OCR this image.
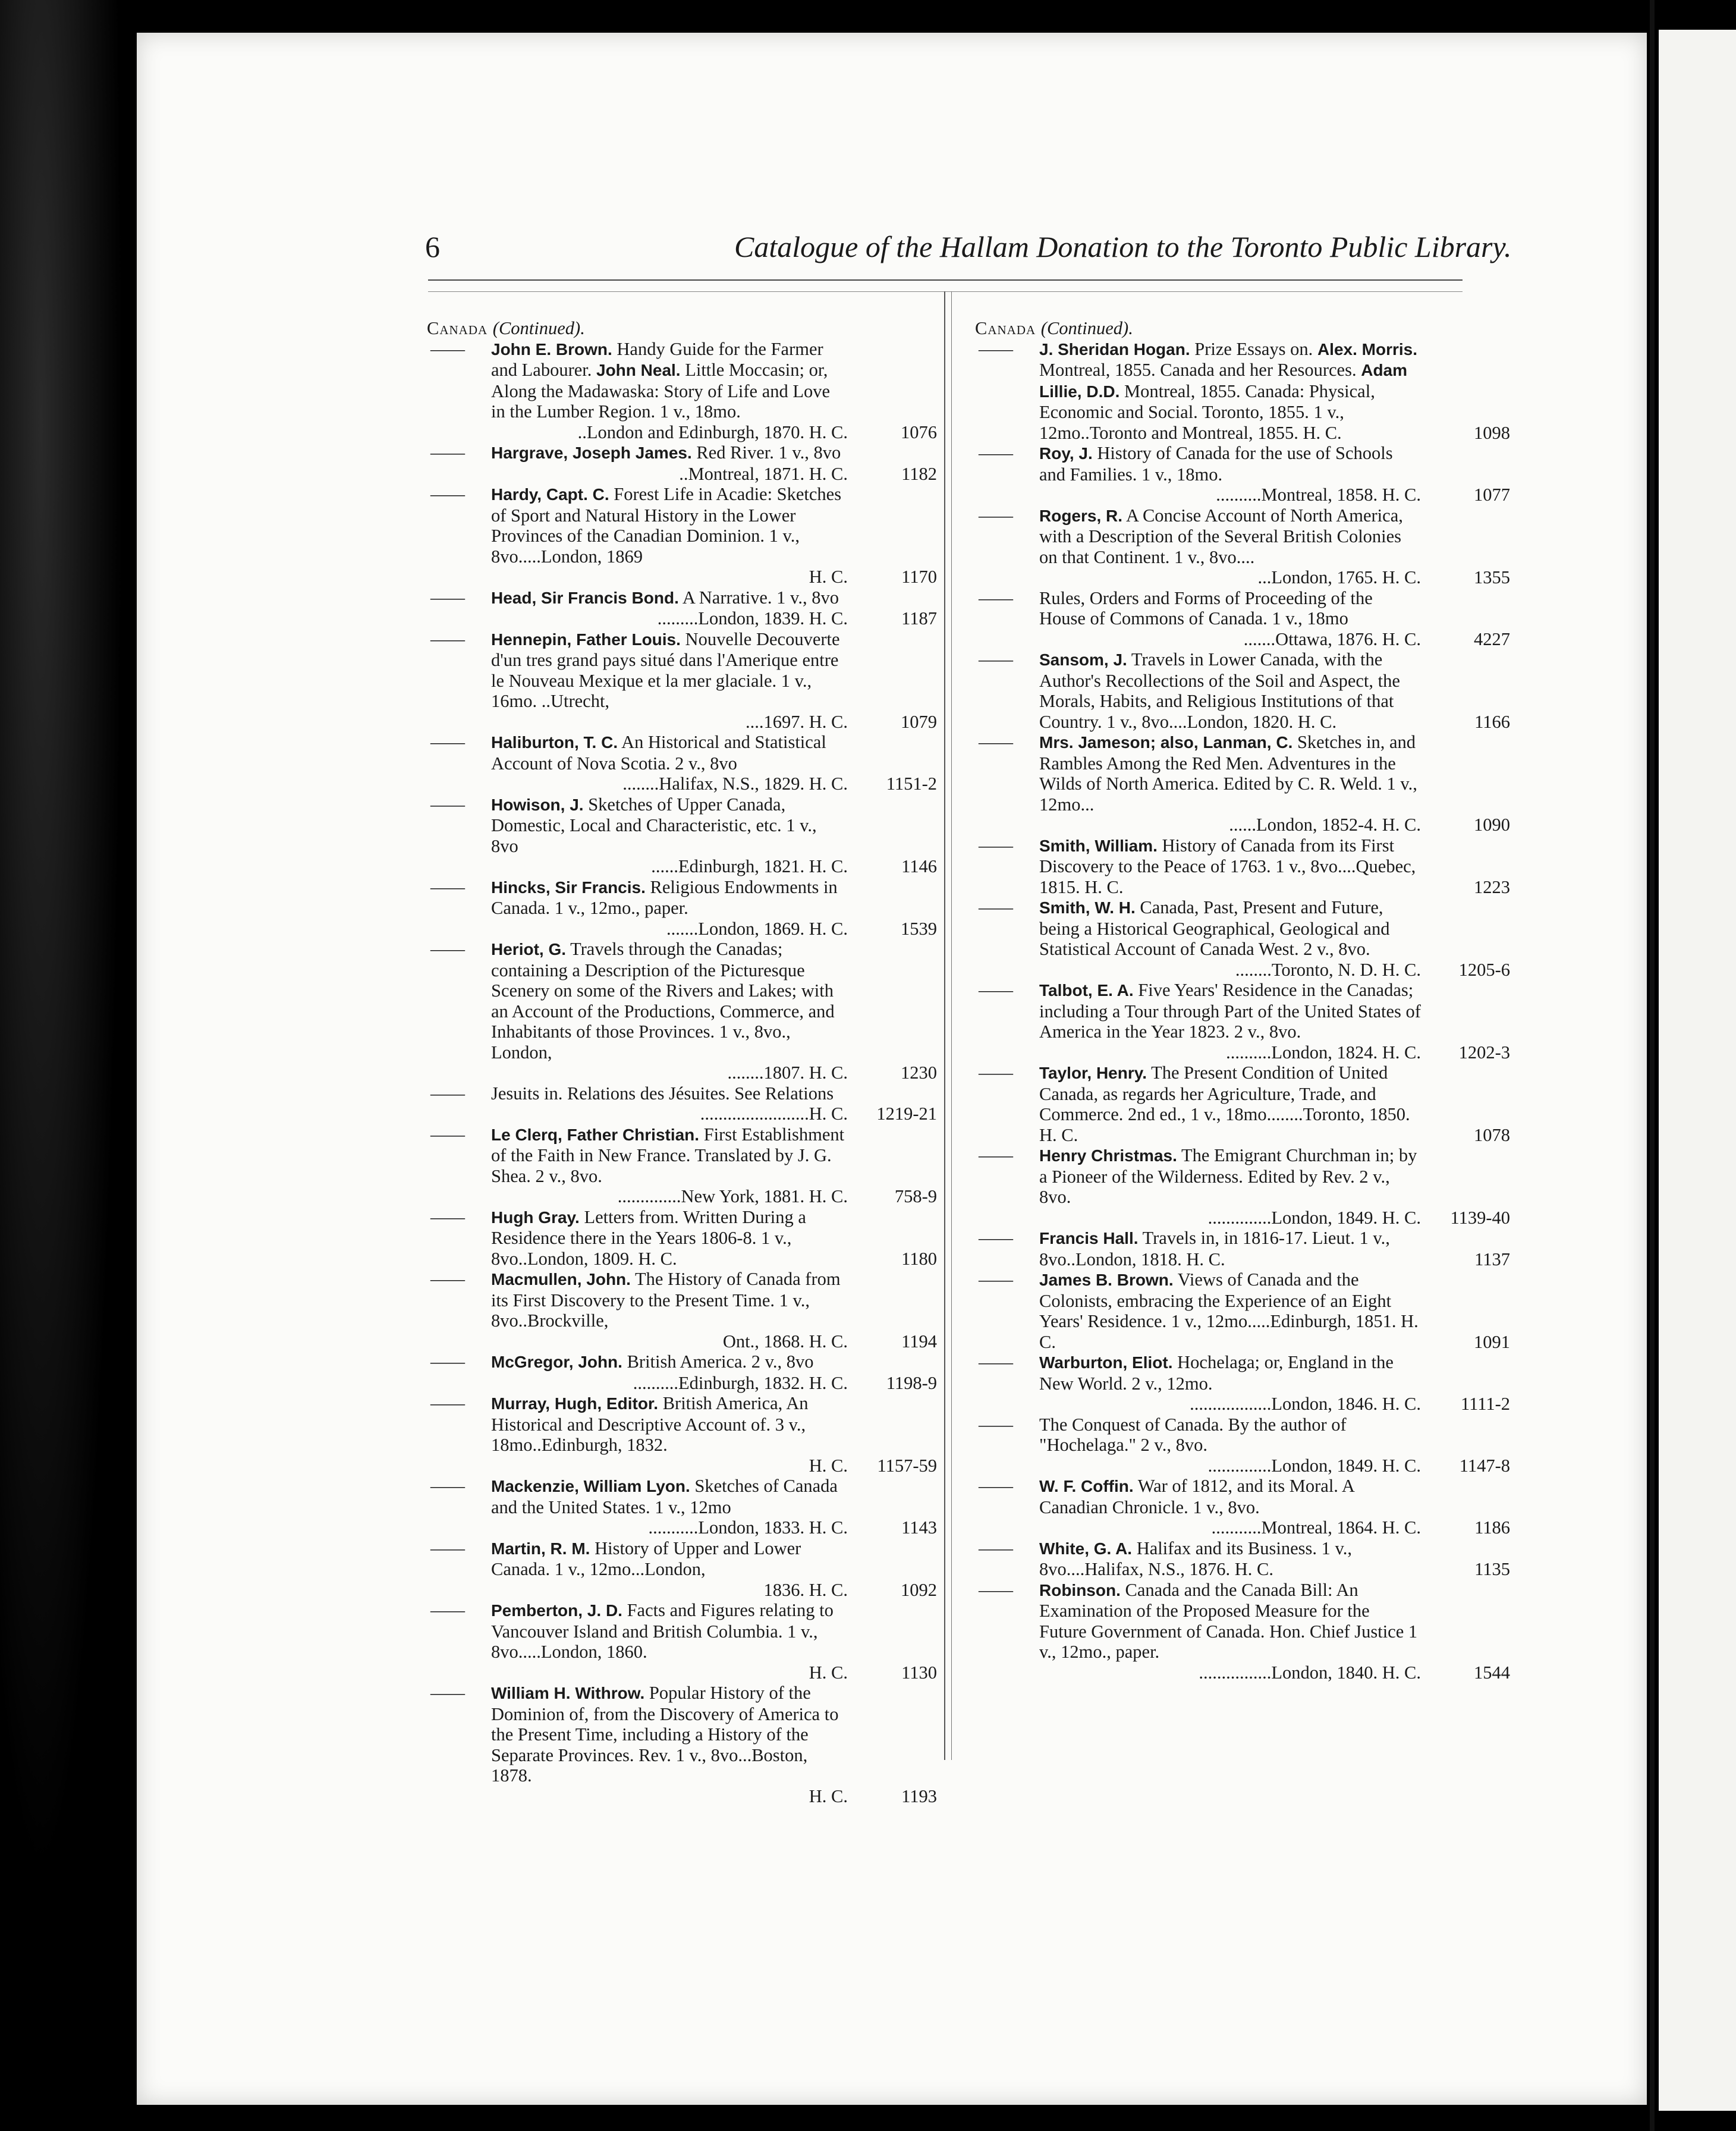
6	Catalogue of the Hallam Donation to the Toronto Public Library.
Canada (Continued).
——
John E. Brown. Handy Guide for the Farmer and Labourer. John Neal. Little Moccasin; or, Along the Madawaska: Story of Life and Love in the Lumber Region. 1 v., 18mo.
..London and Edinburgh, 1870. H. C.	1076
——
Hargrave, Joseph James. Red River. 1 v., 8vo
..Montreal, 1871. H. C.	1182
——
Hardy, Capt. C. Forest Life in Acadie: Sketches of Sport and Natural History in the Lower Provinces of the Canadian Dominion. 1 v., 8vo.....London, 1869
H. C.	1170
——
Head, Sir Francis Bond. A Narrative. 1 v., 8vo
.........London, 1839. H. C.	1187
——
Hennepin, Father Louis. Nouvelle Decouverte d'un tres grand pays situé dans l'Amerique entre le Nouveau Mexique et la mer glaciale. 1 v., 16mo. ..Utrecht,
....1697. H. C.	1079
——
Haliburton, T. C. An Historical and Statistical Account of Nova Scotia. 2 v., 8vo
........Halifax, N.S., 1829. H. C.	1151-2
——
Howison, J. Sketches of Upper Canada, Domestic, Local and Characteristic, etc. 1 v., 8vo
......Edinburgh, 1821. H. C.	1146
——
Hincks, Sir Francis. Religious Endowments in Canada. 1 v., 12mo., paper.
.......London, 1869. H. C.	1539
——
Heriot, G. Travels through the Canadas; containing a Description of the Picturesque Scenery on some of the Rivers and Lakes; with an Account of the Productions, Commerce, and Inhabitants of those Provinces. 1 v., 8vo., London,
........1807. H. C.	1230
——
Jesuits in. Relations des Jésuites. See Relations
........................H. C.	1219-21
——
Le Clerq, Father Christian. First Establishment of the Faith in New France. Translated by J. G. Shea. 2 v., 8vo.
..............New York, 1881. H. C.	758-9
——
Hugh Gray. Letters from. Written During a Residence there in the Years 1806-8. 1 v., 8vo..London, 1809. H. C.	1180
——
Macmullen, John. The History of Canada from its First Discovery to the Present Time. 1 v., 8vo..Brockville,
Ont., 1868. H. C.	1194
——
McGregor, John. British America. 2 v., 8vo
..........Edinburgh, 1832. H. C.	1198-9
——
Murray, Hugh, Editor. British America, An Historical and Descriptive Account of. 3 v., 18mo..Edinburgh, 1832.
H. C.	1157-59
——
Mackenzie, William Lyon. Sketches of Canada and the United States. 1 v., 12mo
...........London, 1833. H. C.	1143
——
Martin, R. M. History of Upper and Lower Canada. 1 v., 12mo...London,
1836. H. C.	1092
——
Pemberton, J. D. Facts and Figures relating to Vancouver Island and British Columbia. 1 v., 8vo.....London, 1860.
H. C.	1130
——
William H. Withrow. Popular History of the Dominion of, from the Discovery of America to the Present Time, including a History of the Separate Provinces. Rev. 1 v., 8vo...Boston, 1878.
H. C.	1193
Canada (Continued).
——
J. Sheridan Hogan. Prize Essays on. Alex. Morris. Montreal, 1855. Canada and her Resources. Adam Lillie, D.D. Montreal, 1855. Canada: Physical, Economic and Social. Toronto, 1855. 1 v., 12mo..Toronto and Montreal, 1855. H. C.	1098
——
Roy, J. History of Canada for the use of Schools and Families. 1 v., 18mo.
..........Montreal, 1858. H. C.	1077
——
Rogers, R. A Concise Account of North America, with a Description of the Several British Colonies on that Continent. 1 v., 8vo....
...London, 1765. H. C.	1355
——
Rules, Orders and Forms of Proceeding of the House of Commons of Canada. 1 v., 18mo
.......Ottawa, 1876. H. C.	4227
——
Sansom, J. Travels in Lower Canada, with the Author's Recollections of the Soil and Aspect, the Morals, Habits, and Religious Institutions of that Country. 1 v., 8vo....London, 1820. H. C.	1166
——
Mrs. Jameson; also, Lanman, C. Sketches in, and Rambles Among the Red Men. Adventures in the Wilds of North America. Edited by C. R. Weld. 1 v., 12mo...
......London, 1852-4. H. C.	1090
——
Smith, William. History of Canada from its First Discovery to the Peace of 1763. 1 v., 8vo....Quebec, 1815. H. C.	1223
——
Smith, W. H. Canada, Past, Present and Future, being a Historical Geographical, Geological and Statistical Account of Canada West. 2 v., 8vo.
........Toronto, N. D. H. C.	1205-6
——
Talbot, E. A. Five Years' Residence in the Canadas; including a Tour through Part of the United States of America in the Year 1823. 2 v., 8vo.
..........London, 1824. H. C.	1202-3
——
Taylor, Henry. The Present Condition of United Canada, as regards her Agriculture, Trade, and Commerce. 2nd ed., 1 v., 18mo........Toronto, 1850. H. C.	1078
——
Henry Christmas. The Emigrant Churchman in; by a Pioneer of the Wilderness. Edited by Rev. 2 v., 8vo.
..............London, 1849. H. C.	1139-40
——
Francis Hall. Travels in, in 1816-17. Lieut. 1 v., 8vo..London, 1818. H. C.	1137
——
James B. Brown. Views of Canada and the Colonists, embracing the Experience of an Eight Years' Residence. 1 v., 12mo.....Edinburgh, 1851. H. C.	1091
——
Warburton, Eliot. Hochelaga; or, England in the New World. 2 v., 12mo.
..................London, 1846. H. C.	1111-2
——
The Conquest of Canada. By the author of "Hochelaga." 2 v., 8vo.
..............London, 1849. H. C.	1147-8
——
W. F. Coffin. War of 1812, and its Moral. A Canadian Chronicle. 1 v., 8vo.
...........Montreal, 1864. H. C.	1186
——
White, G. A. Halifax and its Business. 1 v., 8vo....Halifax, N.S., 1876. H. C.	1135
——
Robinson. Canada and the Canada Bill: An Examination of the Proposed Measure for the Future Government of Canada. Hon. Chief Justice 1 v., 12mo., paper.
................London, 1840. H. C.	1544
